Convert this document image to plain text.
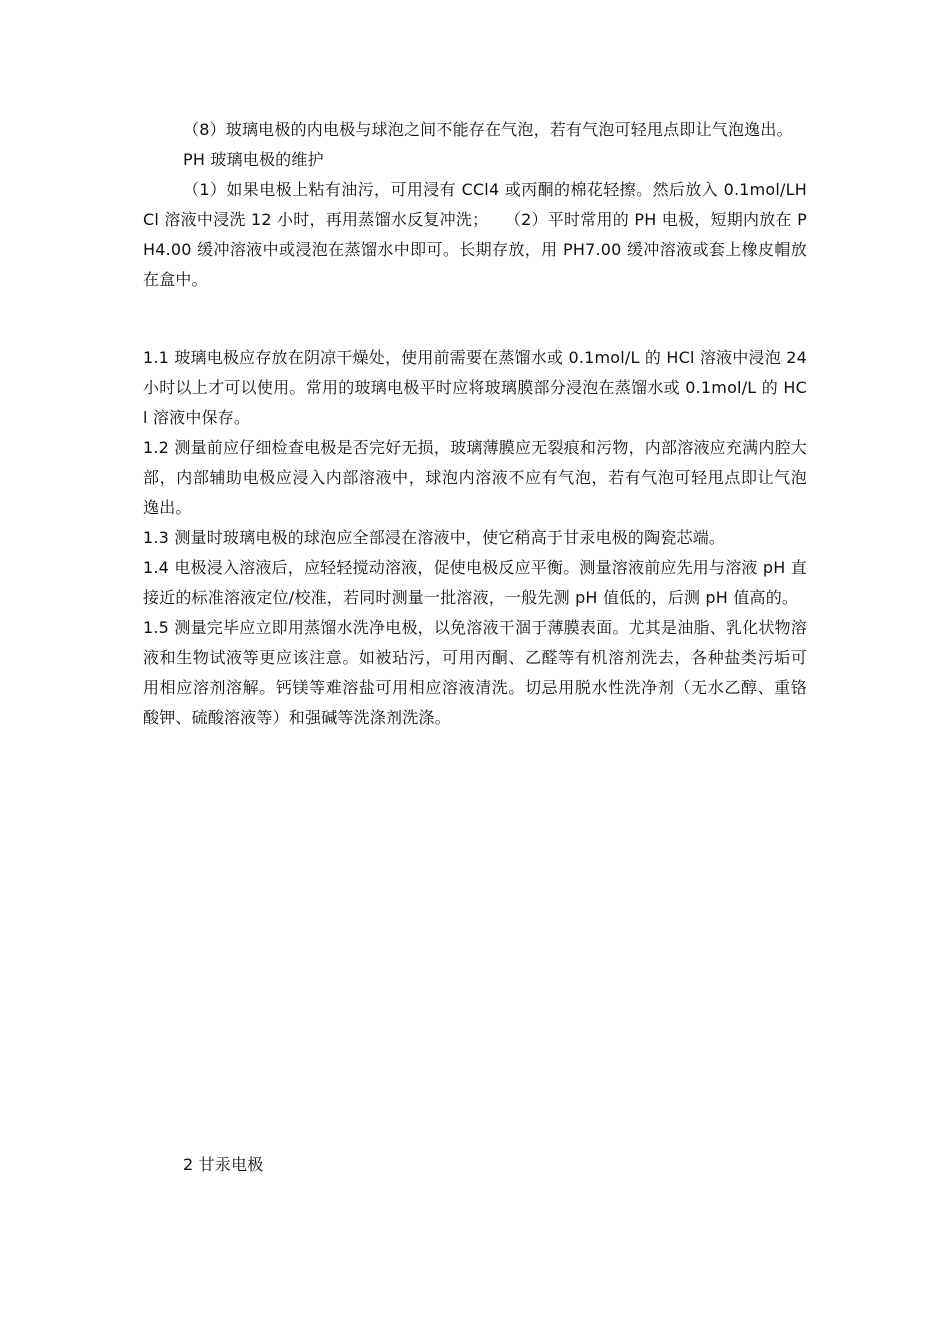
（8）玻璃电极的内电极与球泡之间不能存在气泡，若有气泡可轻甩点即让气泡逸出。

PH 玻璃电极的维护

（1）如果电极上粘有油污，可用浸有 CCl4 或丙酮的棉花轻擦。然后放入 0.1mol/LHCl 溶液中浸洗 12 小时，再用蒸馏水反复冲洗；　　（2）平时常用的 PH 电极，短期内放在 PH4.00 缓冲溶液中或浸泡在蒸馏水中即可。长期存放，用 PH7.00 缓冲溶液或套上橡皮帽放在盒中。

1.1 玻璃电极应存放在阴凉干燥处，使用前需要在蒸馏水或 0.1mol/L 的 HCl 溶液中浸泡 24 小时以上才可以使用。常用的玻璃电极平时应将玻璃膜部分浸泡在蒸馏水或 0.1mol/L 的 HCl 溶液中保存。

1.2 测量前应仔细检查电极是否完好无损，玻璃薄膜应无裂痕和污物，内部溶液应充满内腔大部，内部辅助电极应浸入内部溶液中，球泡内溶液不应有气泡，若有气泡可轻甩点即让气泡逸出。

1.3 测量时玻璃电极的球泡应全部浸在溶液中，使它稍高于甘汞电极的陶瓷芯端。

1.4 电极浸入溶液后，应轻轻搅动溶液，促使电极反应平衡。测量溶液前应先用与溶液 pH 直接近的标准溶液定位/校准，若同时测量一批溶液，一般先测 pH 值低的，后测 pH 值高的。

1.5 测量完毕应立即用蒸馏水洗净电极，以免溶液干涸于薄膜表面。尤其是油脂、乳化状物溶液和生物试液等更应该注意。如被玷污，可用丙酮、乙醛等有机溶剂洗去，各种盐类污垢可用相应溶剂溶解。钙镁等难溶盐可用相应溶液清洗。切忌用脱水性洗净剂（无水乙醇、重铬酸钾、硫酸溶液等）和强碱等洗涤剂洗涤。

2 甘汞电极
